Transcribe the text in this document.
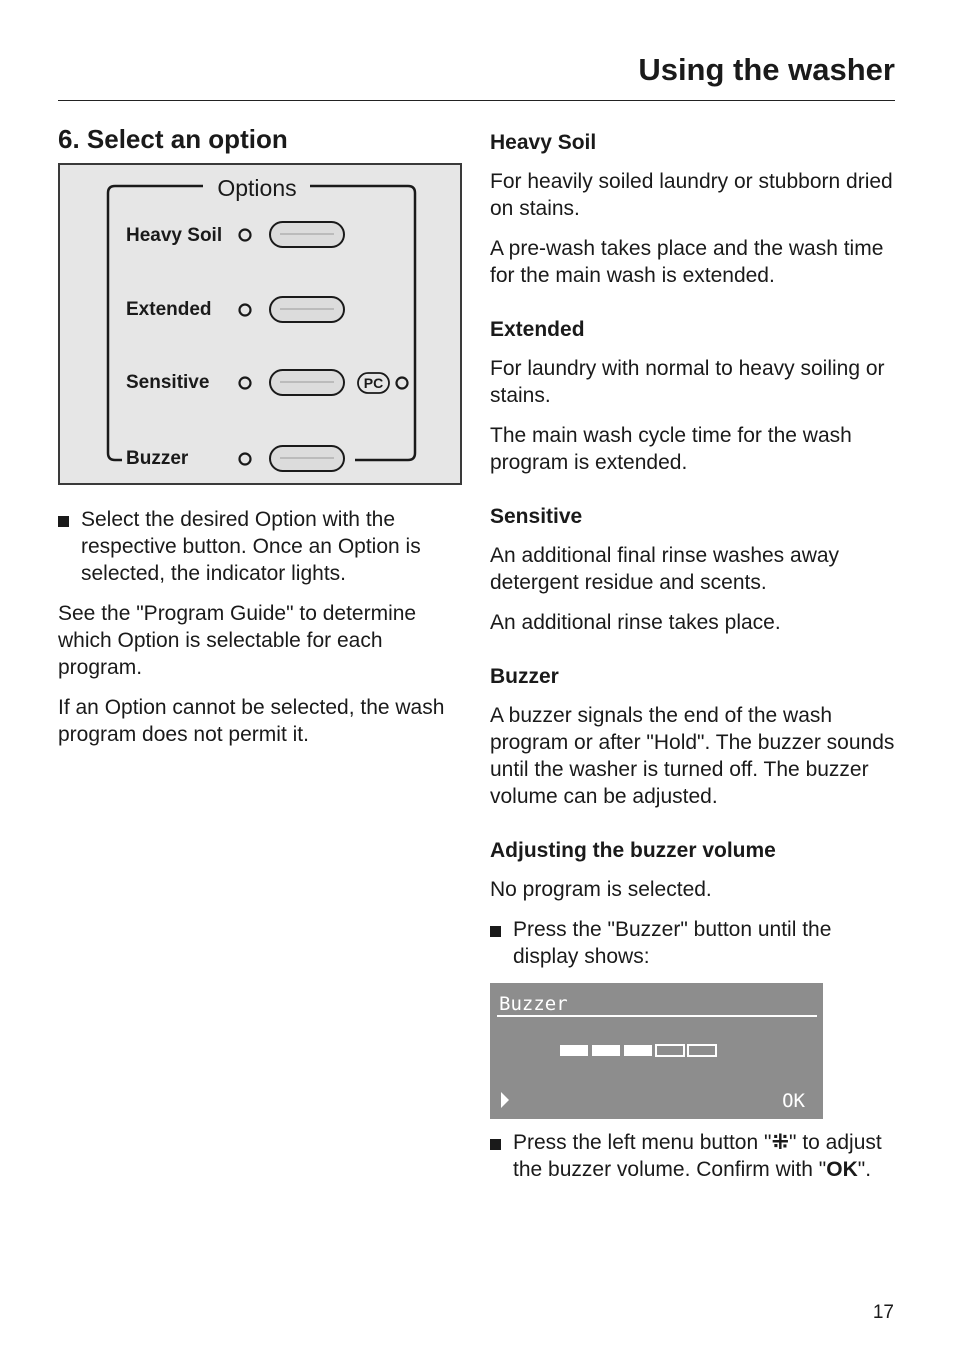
Using the washer
6. Select an option
Options
Heavy Soil
Extended
Sensitive	PC
Buzzer
Select the desired Option with the respective button. Once an Option is selected, the indicator lights.

See the "Program Guide" to determine which Option is selectable for each program.

If an Option cannot be selected, the wash program does not permit it.

Heavy Soil

For heavily soiled laundry or stubborn dried on stains.

A pre-wash takes place and the wash time for the main wash is extended.

Extended

For laundry with normal to heavy soiling or stains.

The main wash cycle time for the wash program is extended.

Sensitive

An additional final rinse washes away detergent residue and scents.

An additional rinse takes place.

Buzzer

A buzzer signals the end of the wash program or after "Hold". The buzzer sounds until the washer is turned off. The buzzer volume can be adjusted.

Adjusting the buzzer volume

No program is selected.

Press the "Buzzer" button until the display shows:
Buzzer
OK
Press the left menu button "⁜" to adjust the buzzer volume. Confirm with "OK".
17
